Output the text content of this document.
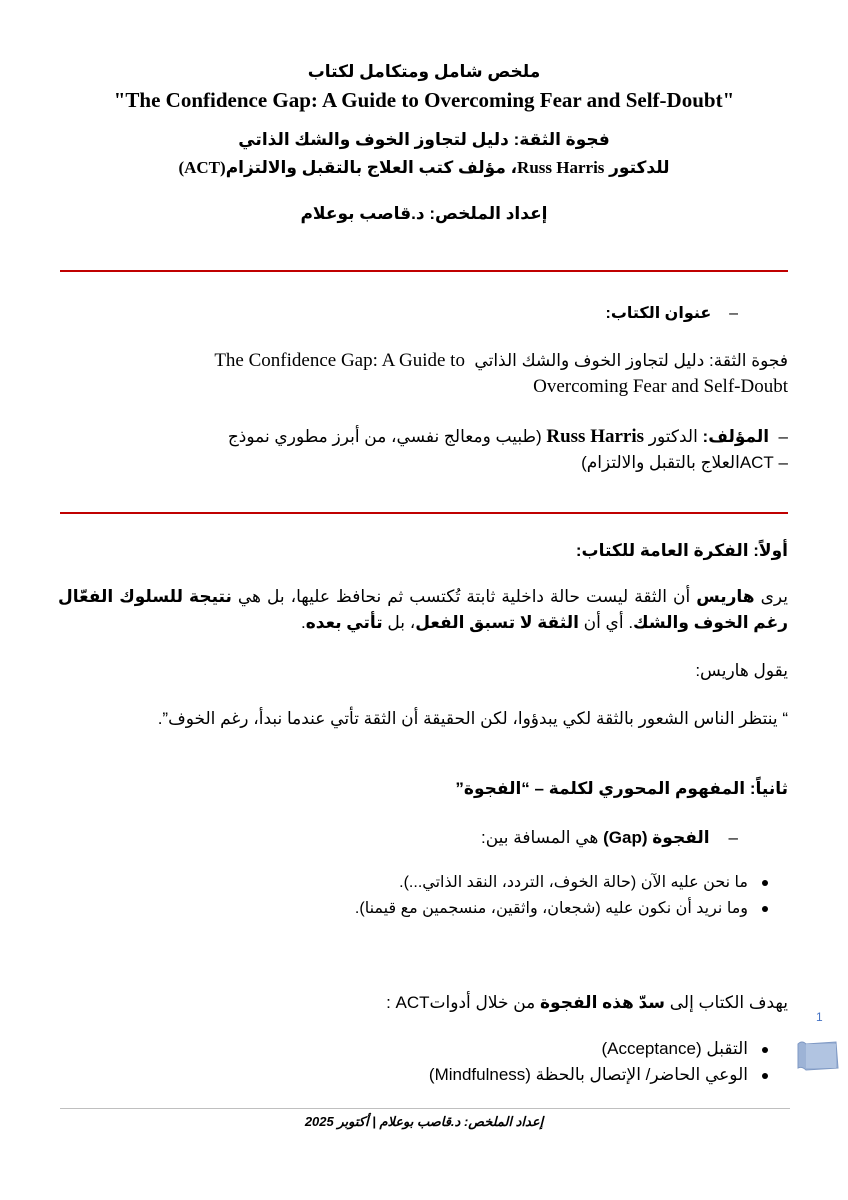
ملخص شامل ومتكامل لكتاب
"The Confidence Gap: A Guide to Overcoming Fear and Self-Doubt"
فجوة الثقة: دليل لتجاوز الخوف والشك الذاتي
للدكتور Russ Harris، مؤلف كتب العلاج بالتقبل والالتزام(ACT)
إعداد الملخص: د.قاصب بوعلام
–    عنوان الكتاب:
فجوة الثقة: دليل لتجاوز الخوف والشك الذاتي  The Confidence Gap: A Guide to
Overcoming Fear and Self-Doubt
–  المؤلف: الدكتور Russ Harris (طبيب ومعالج نفسي، من أبرز مطوري نموذج
– ACTالعلاج بالتقبل والالتزام)
أولاً: الفكرة العامة للكتاب:
يرى هاريس أن الثقة ليست حالة داخلية ثابتة تُكتسب ثم نحافظ عليها، بل هي نتيجة للسلوك الفعّال رغم الخوف والشك. أي أن الثقة لا تسبق الفعل، بل تأتي بعده.
يقول هاريس:
“ ينتظر الناس الشعور بالثقة لكي يبدؤوا، لكن الحقيقة أن الثقة تأتي عندما نبدأ، رغم الخوف”.
ثانياً: المفهوم المحوري لكلمة – “الفجوة”
–    الفجوة (Gap) هي المسافة بين:
ما نحن عليه الآن (حالة الخوف، التردد، النقد الذاتي...).
وما نريد أن نكون عليه (شجعان، واثقين، منسجمين مع قيمنا).
يهدف الكتاب إلى سدّ هذه الفجوة من خلال أدواتACT :
التقبل (Acceptance)
الوعي الحاضر/ الإتصال بالحظة (Mindfulness)
1
إعداد الملخص: د.قاصب بوعلام | أكتوبر 2025
